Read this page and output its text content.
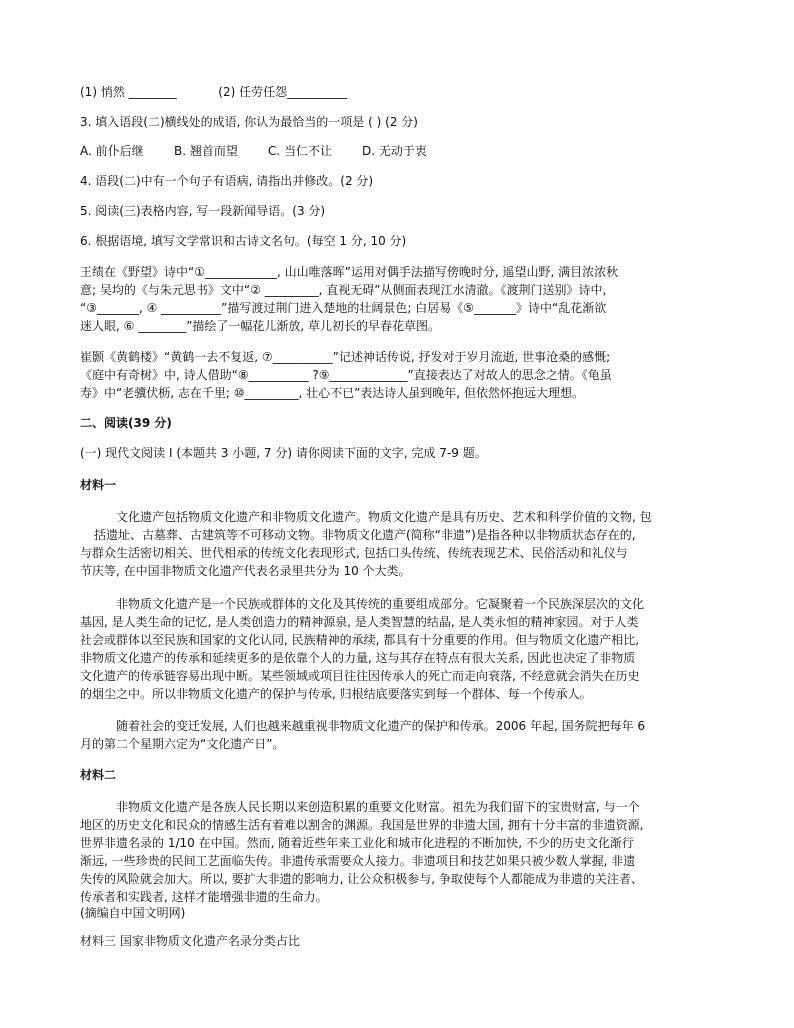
(1) 悄然 ________	(2) 任劳任怨__________
3. 填入语段(二)横线处的成语, 你认为最恰当的一项是 ( ) (2 分)
A. 前仆后继	B. 翘首而望	C. 当仁不让 D. 无动于衷
4. 语段(二)中有一个句子有语病, 请指出并修改。(2 分)
5. 阅读(三)表格内容, 写一段新闻导语。(3 分)
6. 根据语境, 填写文学常识和古诗文名句。(每空 1 分, 10 分)
王绩在《野望》诗中“①____________, 山山唯落晖”运用对偶手法描写傍晚时分, 遥望山野, 满目浓浓秋
意; 吴均的《与朱元思书》文中“② _________, 直视无碍”从侧面表现江水清澈。《渡荆门送别》诗中,
“③_______, ④ __________”描写渡过荆门进入楚地的壮阔景色; 白居易《⑤_______》诗中“乱花渐欲
迷人眼, ⑥ ________”描绘了一幅花儿渐放, 草儿初长的早春花草图。
崔颢《黄鹤楼》“黄鹤一去不复返, ⑦__________”记述神话传说, 抒发对于岁月流逝, 世事沧桑的感慨;
《庭中有奇树》中, 诗人借助“⑧__________ ?⑨_____________”直接表达了对故人的思念之情。《龟虽
寿》中“老骥伏枥, 志在千里; ⑩_________, 壮心不已”表达诗人虽到晚年, 但依然怀抱远大理想。
二、阅读(39 分)
(一) 现代文阅读 I (本题共 3 小题, 7 分) 请你阅读下面的文字, 完成 7-9 题。
材料一
文化遗产包括物质文化遗产和非物质文化遗产。物质文化遗产是具有历史、艺术和科学价值的文物, 包
括遗址、古墓葬、古建筑等不可移动文物。非物质文化遗产(简称“非遗”)是指各种以非物质状态存在的,
与群众生活密切相关、世代相承的传统文化表现形式, 包括口头传统、传统表现艺术、民俗活动和礼仪与
节庆等, 在中国非物质文化遗产代表名录里共分为 10 个大类。
非物质文化遗产是一个民族或群体的文化及其传统的重要组成部分。它凝聚着一个民族深层次的文化
基因, 是人类生命的记忆, 是人类创造力的精神源泉, 是人类智慧的结晶, 是人类永恒的精神家园。对于人类
社会或群体以至民族和国家的文化认同, 民族精神的承续, 都具有十分重要的作用。但与物质文化遗产相比,
非物质文化遗产的传承和延续更多的是依靠个人的力量, 这与其存在特点有很大关系, 因此也决定了非物质
文化遗产的传承链容易出现中断。某些领域或项目往往因传承人的死亡而走向衰落, 不经意就会消失在历史
的烟尘之中。所以非物质文化遗产的保护与传承, 归根结底要落实到每一个群体、每一个传承人。
随着社会的变迁发展, 人们也越来越重视非物质文化遗产的保护和传承。2006 年起, 国务院把每年 6
月的第二个星期六定为“文化遗产日”。
材料二
非物质文化遗产是各族人民长期以来创造积累的重要文化财富。祖先为我们留下的宝贵财富, 与一个
地区的历史文化和民众的情感生活有着难以割舍的渊源。我国是世界的非遗大国, 拥有十分丰富的非遗资源,
世界非遗名录的 1/10 在中国。然而, 随着近些年来工业化和城市化进程的不断加快, 不少的历史文化渐行
渐远, 一些珍贵的民间工艺面临失传。非遗传承需要众人接力。非遗项目和技艺如果只被少数人掌握, 非遗
失传的风险就会加大。所以, 要扩大非遗的影响力, 让公众积极参与, 争取使每个人都能成为非遗的关注者、
传承者和实践者, 这样才能增强非遗的生命力。
(摘编自中国文明网)
材料三 国家非物质文化遗产名录分类占比
